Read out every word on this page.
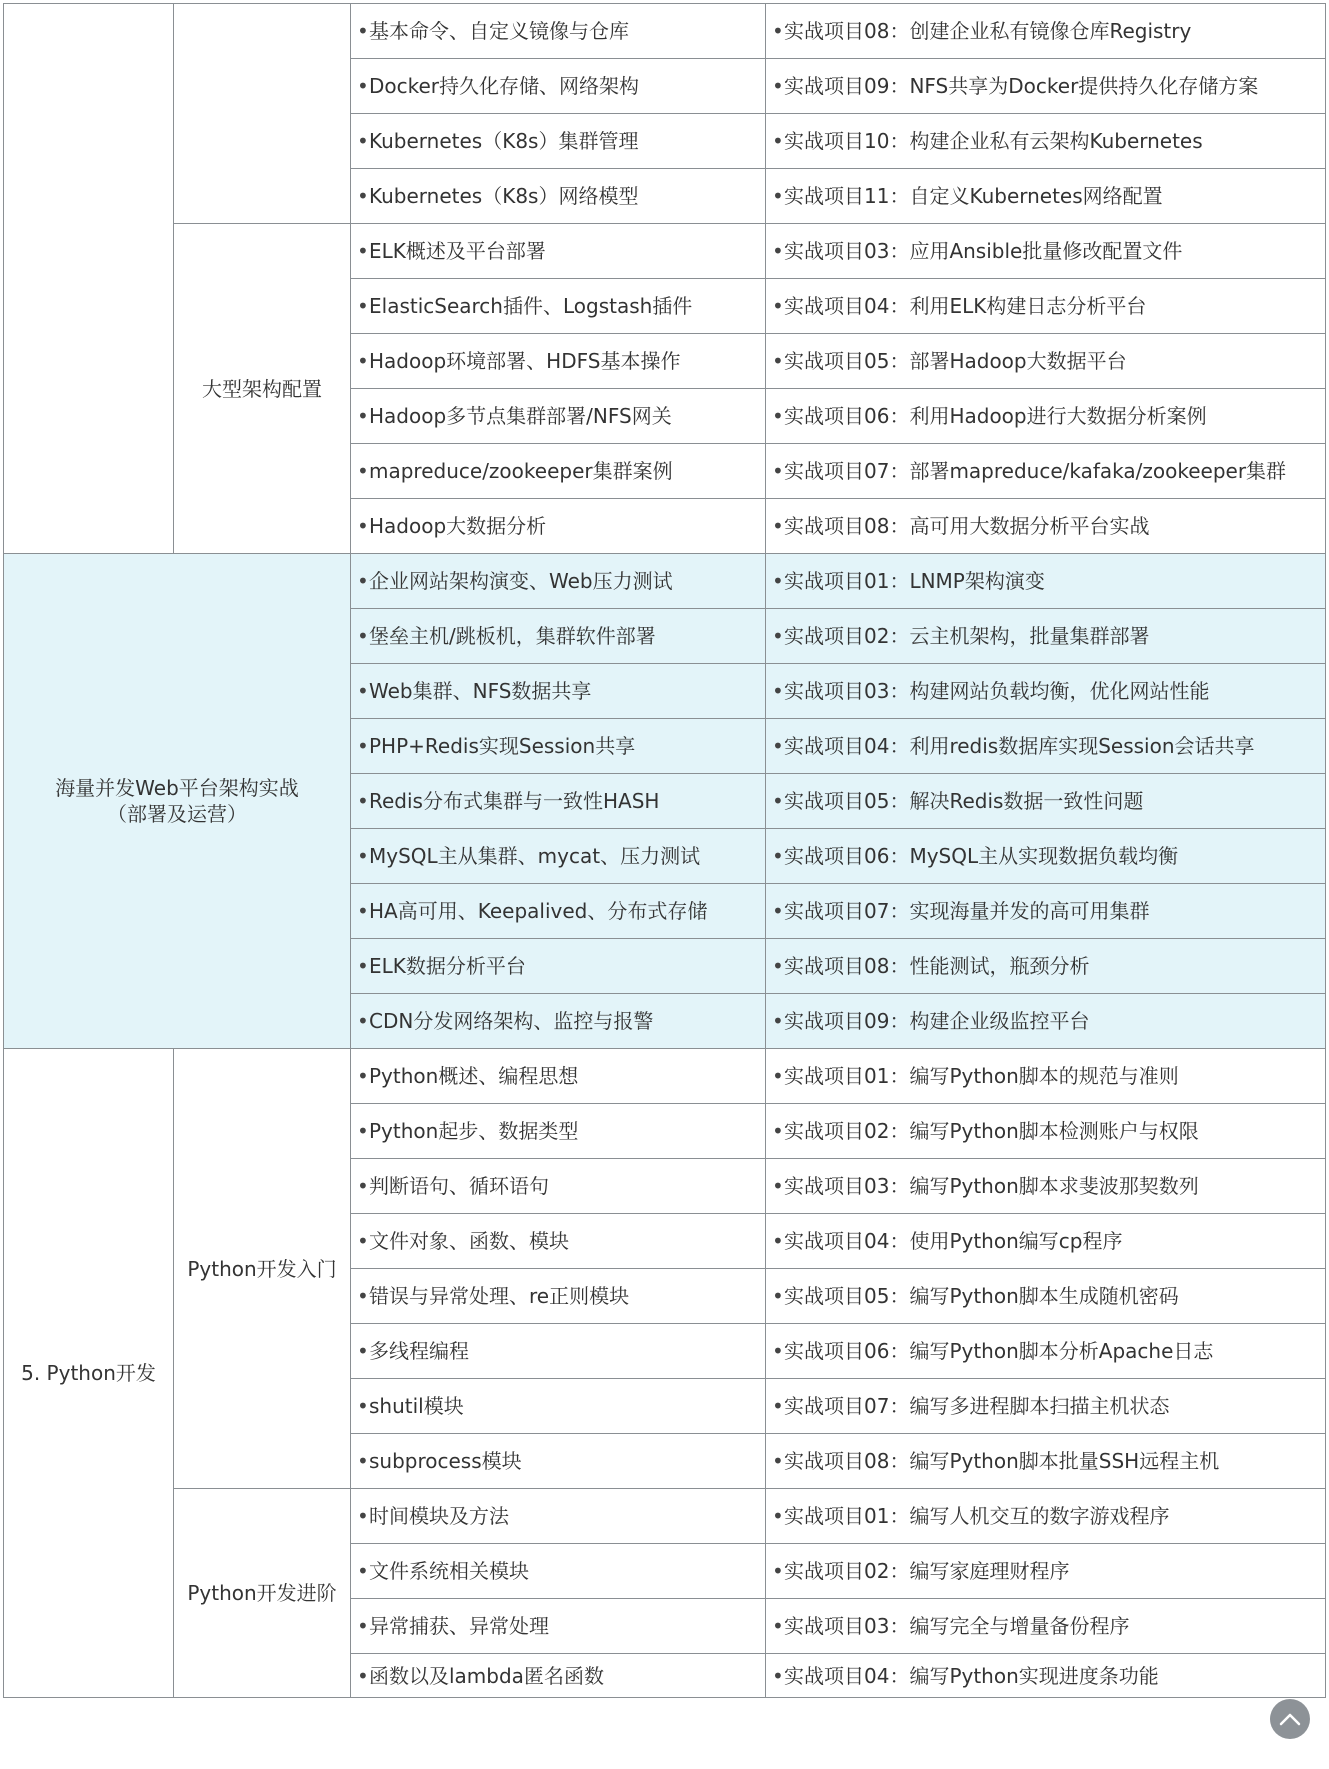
		•基本命令、自定义镜像与仓库	•实战项目08：创建企业私有镜像仓库Registry
		•Docker持久化存储、网络架构	•实战项目09：NFS共享为Docker提供持久化存储方案
		•Kubernetes（K8s）集群管理	•实战项目10：构建企业私有云架构Kubernetes
		•Kubernetes（K8s）网络模型	•实战项目11：自定义Kubernetes网络配置
	大型架构配置	•ELK概述及平台部署	•实战项目03：应用Ansible批量修改配置文件
		•ElasticSearch插件、Logstash插件	•实战项目04：利用ELK构建日志分析平台
		•Hadoop环境部署、HDFS基本操作	•实战项目05：部署Hadoop大数据平台
		•Hadoop多节点集群部署/NFS网关	•实战项目06：利用Hadoop进行大数据分析案例
		•mapreduce/zookeeper集群案例	•实战项目07：部署mapreduce/kafaka/zookeeper集群
		•Hadoop大数据分析	•实战项目08：高可用大数据分析平台实战

海量并发Web平台架构实战
（部署及运营）		•企业网站架构演变、Web压力测试	•实战项目01：LNMP架构演变
		•堡垒主机/跳板机，集群软件部署	•实战项目02：云主机架构，批量集群部署
		•Web集群、NFS数据共享	•实战项目03：构建网站负载均衡，优化网站性能
		•PHP+Redis实现Session共享	•实战项目04：利用redis数据库实现Session会话共享
		•Redis分布式集群与一致性HASH	•实战项目05：解决Redis数据一致性问题
		•MySQL主从集群、mycat、压力测试	•实战项目06：MySQL主从实现数据负载均衡
		•HA高可用、Keepalived、分布式存储	•实战项目07：实现海量并发的高可用集群
		•ELK数据分析平台	•实战项目08：性能测试，瓶颈分析
		•CDN分发网络架构、监控与报警	•实战项目09：构建企业级监控平台
5. Python开发	Python开发入门	•Python概述、编程思想	•实战项目01：编写Python脚本的规范与准则
		•Python起步、数据类型	•实战项目02：编写Python脚本检测账户与权限
		•判断语句、循环语句	•实战项目03：编写Python脚本求斐波那契数列
		•文件对象、函数、模块	•实战项目04：使用Python编写cp程序
		•错误与异常处理、re正则模块	•实战项目05：编写Python脚本生成随机密码
		•多线程编程	•实战项目06：编写Python脚本分析Apache日志
		•shutil模块	•实战项目07：编写多进程脚本扫描主机状态
		•subprocess模块	•实战项目08：编写Python脚本批量SSH远程主机
	Python开发进阶	•时间模块及方法	•实战项目01：编写人机交互的数字游戏程序
		•文件系统相关模块	•实战项目02：编写家庭理财程序
		•异常捕获、异常处理	•实战项目03：编写完全与增量备份程序
		•函数以及lambda匿名函数	•实战项目04：编写Python实现进度条功能
